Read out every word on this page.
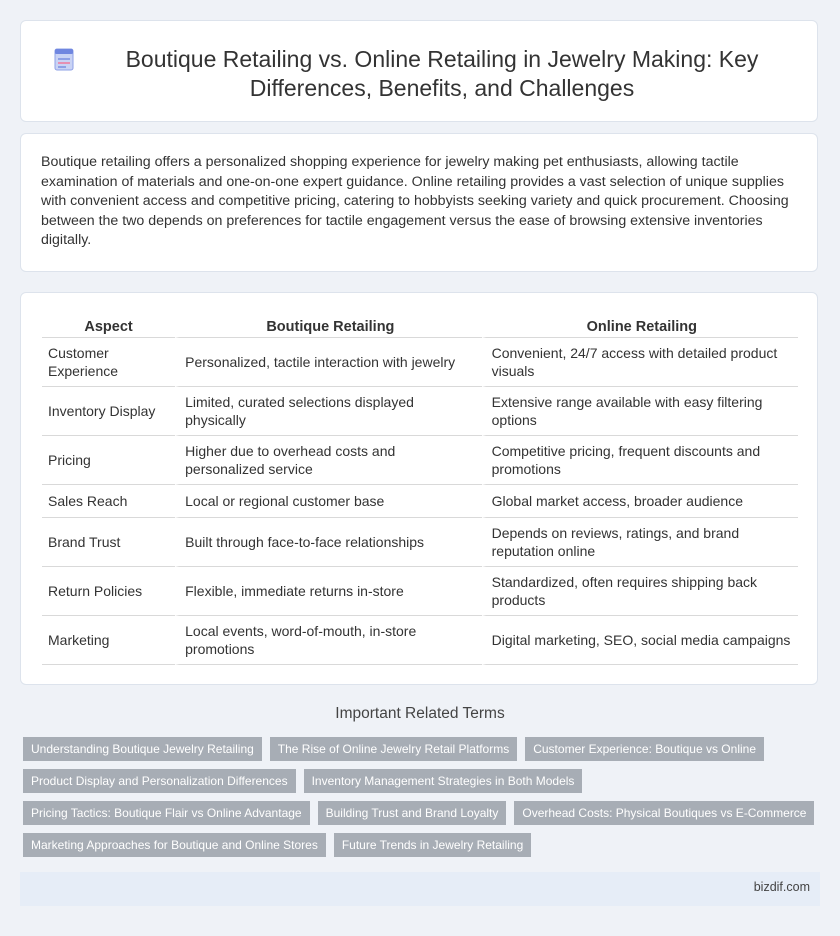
Boutique Retailing vs. Online Retailing in Jewelry Making: Key Differences, Benefits, and Challenges

Boutique retailing offers a personalized shopping experience for jewelry making pet enthusiasts, allowing tactile examination of materials and one-on-one expert guidance. Online retailing provides a vast selection of unique supplies with convenient access and competitive pricing, catering to hobbyists seeking variety and quick procurement. Choosing between the two depends on preferences for tactile engagement versus the ease of browsing extensive inventories digitally.

Aspect	Boutique Retailing	Online Retailing
Customer Experience	Personalized, tactile interaction with jewelry	Convenient, 24/7 access with detailed product visuals
Inventory Display	Limited, curated selections displayed physically	Extensive range available with easy filtering options
Pricing	Higher due to overhead costs and personalized service	Competitive pricing, frequent discounts and promotions
Sales Reach	Local or regional customer base	Global market access, broader audience
Brand Trust	Built through face-to-face relationships	Depends on reviews, ratings, and brand reputation online
Return Policies	Flexible, immediate returns in-store	Standardized, often requires shipping back products
Marketing	Local events, word-of-mouth, in-store promotions	Digital marketing, SEO, social media campaigns
Important Related Terms
Understanding Boutique Jewelry Retailing	The Rise of Online Jewelry Retail Platforms	Customer Experience: Boutique vs Online
Product Display and Personalization Differences	Inventory Management Strategies in Both Models
Pricing Tactics: Boutique Flair vs Online Advantage	Building Trust and Brand Loyalty	Overhead Costs: Physical Boutiques vs E-Commerce
Marketing Approaches for Boutique and Online Stores	Future Trends in Jewelry Retailing
bizdif.com
